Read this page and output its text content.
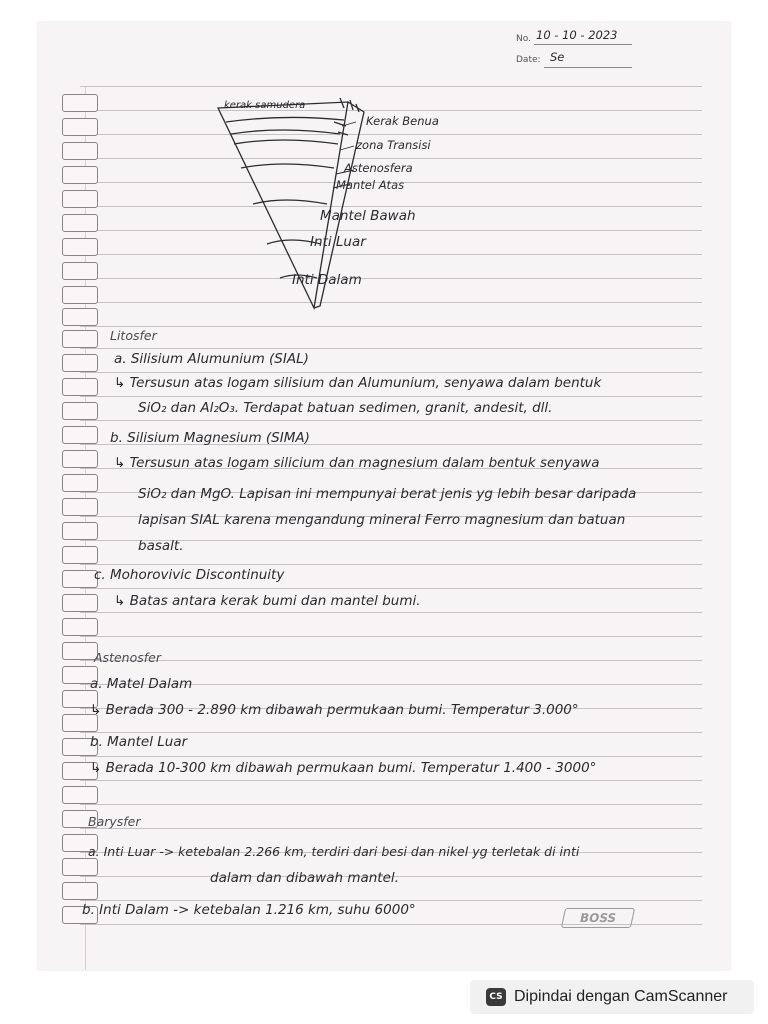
No. 10 - 10 - 2023
Date: Se
kerak samudera
Kerak Benua
zona Transisi
Astenosfera
Mantel Atas
Mantel Bawah
Inti Luar
Inti Dalam
Litosfer
a. Silisium Alumunium (SIAL)
↳ Tersusun atas logam silisium dan Alumunium, senyawa dalam bentuk
SiO₂ dan Al₂O₃. Terdapat batuan sedimen, granit, andesit, dll.
b. Silisium Magnesium (SIMA)
↳ Tersusun atas logam silicium dan magnesium dalam bentuk senyawa
SiO₂ dan MgO. Lapisan ini mempunyai berat jenis yg lebih besar daripada
lapisan SIAL karena mengandung mineral Ferro magnesium dan batuan
basalt.
c. Mohorovivic Discontinuity
↳ Batas antara kerak bumi dan mantel bumi.
Astenosfer
a. Matel Dalam
↳ Berada 300 - 2.890 km dibawah permukaan bumi. Temperatur 3.000°
b. Mantel Luar
↳ Berada 10-300 km dibawah permukaan bumi. Temperatur 1.400 - 3000°
Barysfer
a. Inti Luar -> ketebalan 2.266 km, terdiri dari besi dan nikel yg terletak di inti
dalam dan dibawah mantel.
b. Inti Dalam -> ketebalan 1.216 km, suhu 6000°	BOSS
CS Dipindai dengan CamScanner
